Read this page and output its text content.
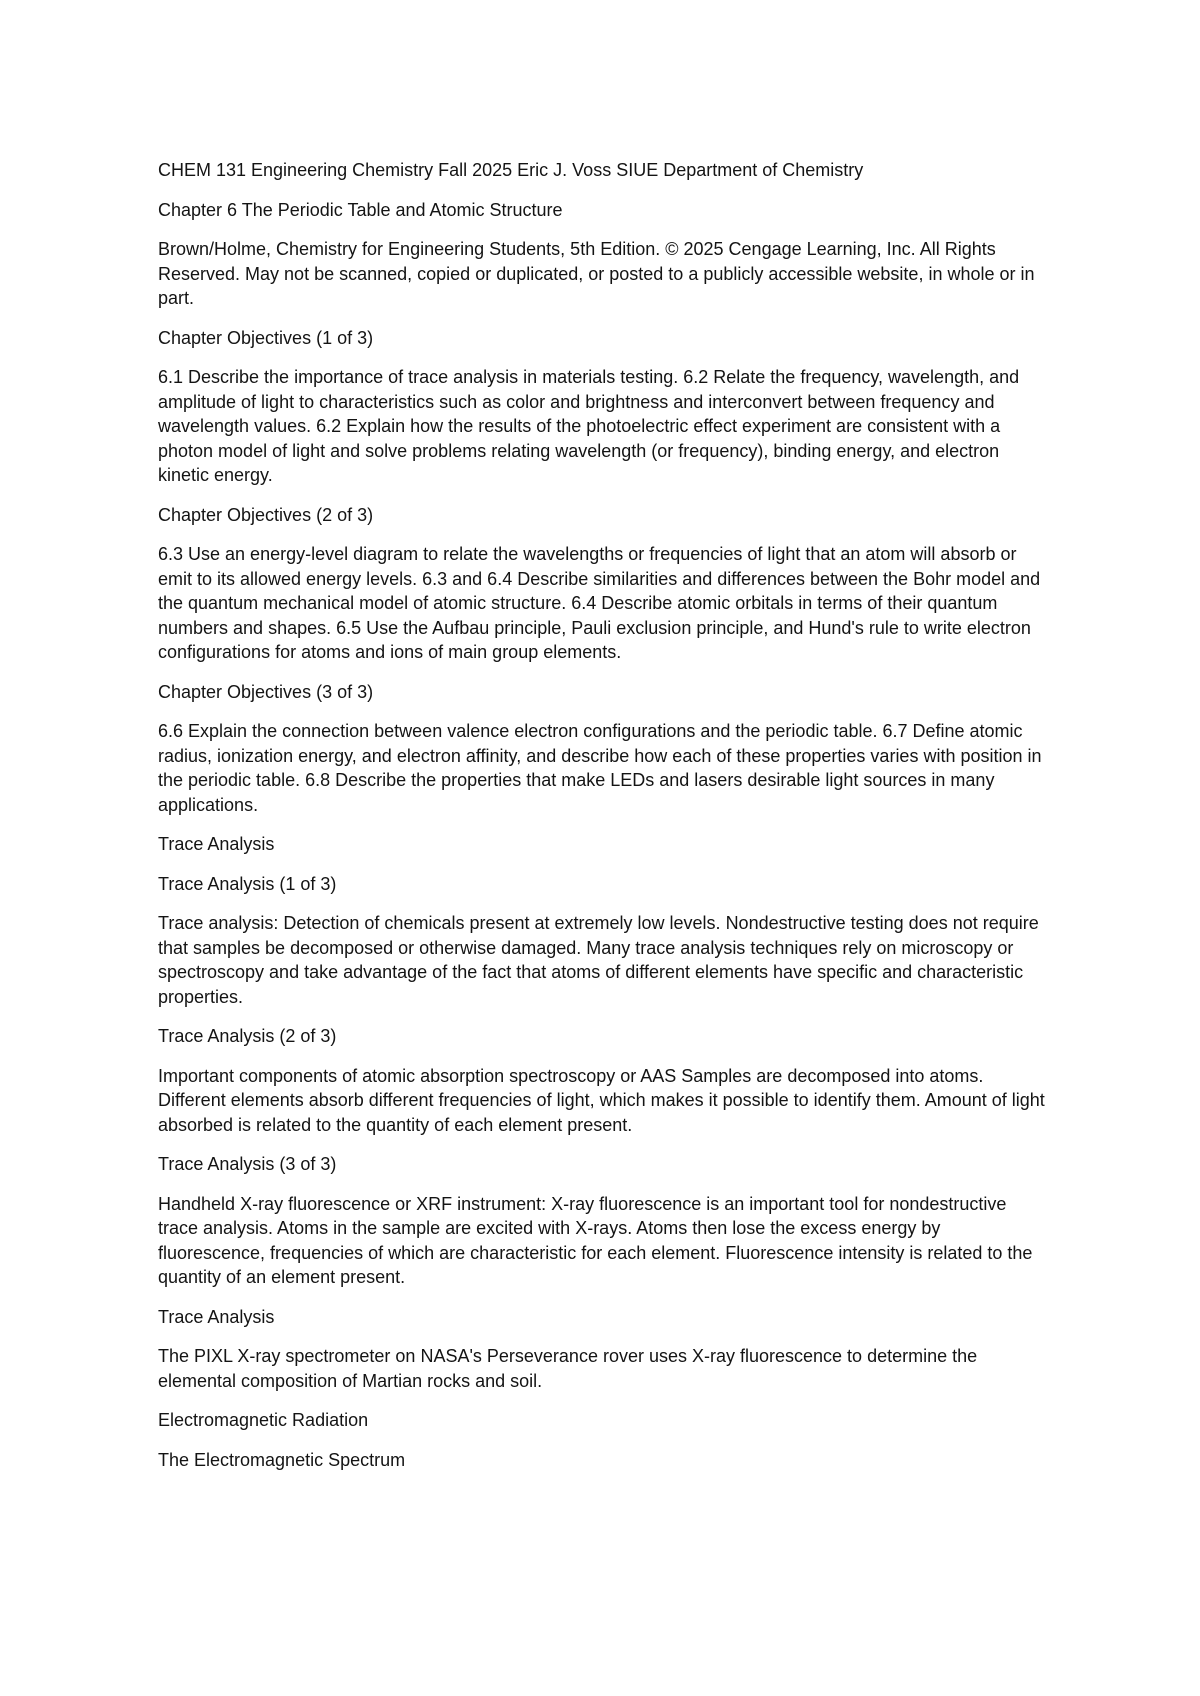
CHEM 131 Engineering Chemistry Fall 2025 Eric J. Voss SIUE Department of Chemistry

Chapter 6 The Periodic Table and Atomic Structure

Brown/Holme, Chemistry for Engineering Students, 5th Edition. © 2025 Cengage Learning, Inc. All Rights Reserved. May not be scanned, copied or duplicated, or posted to a publicly accessible website, in whole or in part.

Chapter Objectives (1 of 3)

6.1 Describe the importance of trace analysis in materials testing. 6.2 Relate the frequency, wavelength, and amplitude of light to characteristics such as color and brightness and interconvert between frequency and wavelength values. 6.2 Explain how the results of the photoelectric effect experiment are consistent with a photon model of light and solve problems relating wavelength (or frequency), binding energy, and electron kinetic energy.

Chapter Objectives (2 of 3)

6.3 Use an energy-level diagram to relate the wavelengths or frequencies of light that an atom will absorb or emit to its allowed energy levels. 6.3 and 6.4 Describe similarities and differences between the Bohr model and the quantum mechanical model of atomic structure. 6.4 Describe atomic orbitals in terms of their quantum numbers and shapes. 6.5 Use the Aufbau principle, Pauli exclusion principle, and Hund's rule to write electron configurations for atoms and ions of main group elements.

Chapter Objectives (3 of 3)

6.6 Explain the connection between valence electron configurations and the periodic table. 6.7 Define atomic radius, ionization energy, and electron affinity, and describe how each of these properties varies with position in the periodic table. 6.8 Describe the properties that make LEDs and lasers desirable light sources in many applications.

Trace Analysis

Trace Analysis (1 of 3)

Trace analysis: Detection of chemicals present at extremely low levels. Nondestructive testing does not require that samples be decomposed or otherwise damaged. Many trace analysis techniques rely on microscopy or spectroscopy and take advantage of the fact that atoms of different elements have specific and characteristic properties.

Trace Analysis (2 of 3)

Important components of atomic absorption spectroscopy or AAS Samples are decomposed into atoms. Different elements absorb different frequencies of light, which makes it possible to identify them. Amount of light absorbed is related to the quantity of each element present.

Trace Analysis (3 of 3)

Handheld X-ray fluorescence or XRF instrument: X-ray fluorescence is an important tool for nondestructive trace analysis. Atoms in the sample are excited with X-rays. Atoms then lose the excess energy by fluorescence, frequencies of which are characteristic for each element. Fluorescence intensity is related to the quantity of an element present.

Trace Analysis

The PIXL X-ray spectrometer on NASA's Perseverance rover uses X-ray fluorescence to determine the elemental composition of Martian rocks and soil.

Electromagnetic Radiation

The Electromagnetic Spectrum
